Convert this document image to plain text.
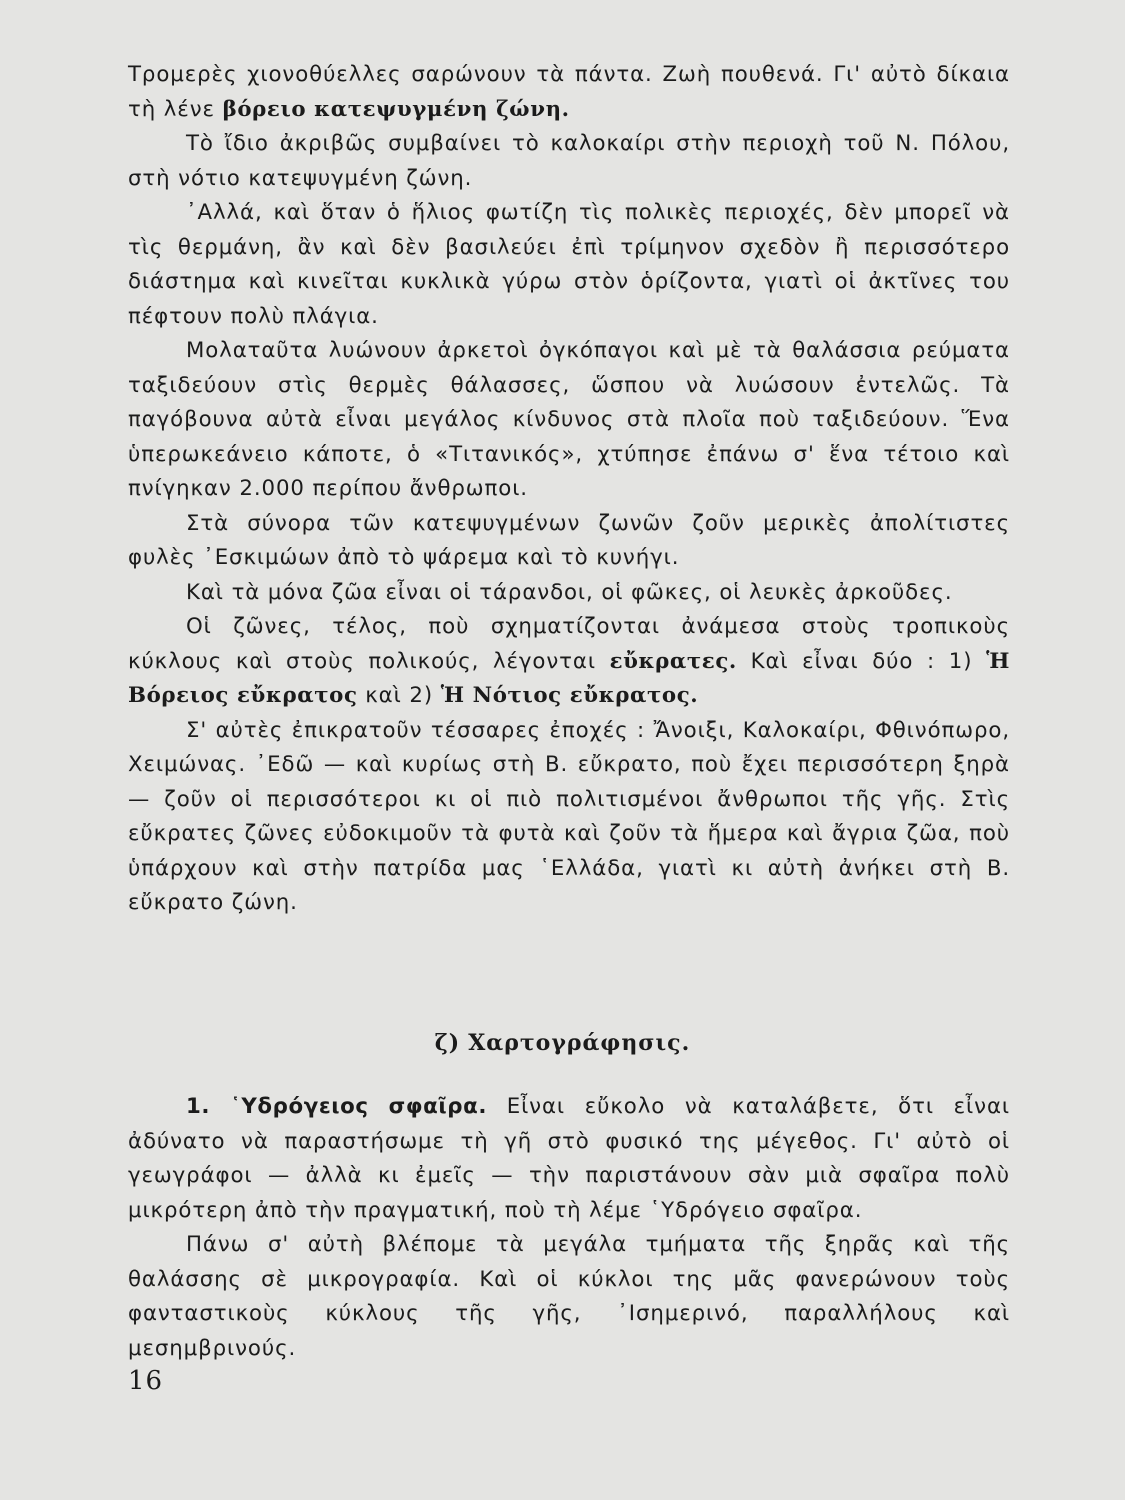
Τρομερὲς χιονοθύελλες σαρώνουν τὰ πάντα. Ζωὴ πουθενά. Γι' αὐτὸ δίκαια τὴ λένε βόρειο κατεψυγμένη ζώνη.

Τὸ ἴδιο ἀκριβῶς συμβαίνει τὸ καλοκαίρι στὴν περιοχὴ τοῦ Ν. Πόλου, στὴ νότιο κατεψυγμένη ζώνη.

᾿Αλλά, καὶ ὅταν ὁ ἥλιος φωτίζη τὶς πολικὲς περιοχές, δὲν μπορεῖ νὰ τὶς θερμάνη, ἂν καὶ δὲν βασιλεύει ἐπὶ τρίμηνον σχεδὸν ἢ περισσότερο διάστημα καὶ κινεῖται κυκλικὰ γύρω στὸν ὁρίζοντα, γιατὶ οἱ ἀκτῖνες του πέφτουν πολὺ πλάγια.

Μολαταῦτα λυώνουν ἀρκετοὶ ὀγκόπαγοι καὶ μὲ τὰ θαλάσσια ρεύματα ταξιδεύουν στὶς θερμὲς θάλασσες, ὥσπου νὰ λυώσουν ἐντελῶς. Τὰ παγόβουνα αὐτὰ εἶναι μεγάλος κίνδυνος στὰ πλοῖα ποὺ ταξιδεύουν. Ἕνα ὑπερωκεάνειο κάποτε, ὁ «Τιτανικός», χτύπησε ἐπάνω σ' ἕνα τέτοιο καὶ πνίγηκαν 2.000 περίπου ἄνθρωποι.

Στὰ σύνορα τῶν κατεψυγμένων ζωνῶν ζοῦν μερικὲς ἀπολίτιστες φυλὲς ᾿Εσκιμώων ἀπὸ τὸ ψάρεμα καὶ τὸ κυνήγι.

Καὶ τὰ μόνα ζῶα εἶναι οἱ τάρανδοι, οἱ φῶκες, οἱ λευκὲς ἀρκοῦδες.

Οἱ ζῶνες, τέλος, ποὺ σχηματίζονται ἀνάμεσα στοὺς τροπικοὺς κύκλους καὶ στοὺς πολικούς, λέγονται εὔκρατες. Καὶ εἶναι δύο : 1) Ἡ Βόρειος εὔκρατος καὶ 2) Ἡ Νότιος εὔκρατος.

Σ' αὐτὲς ἐπικρατοῦν τέσσαρες ἐποχές : Ἄνοιξι, Καλοκαίρι, Φθινόπωρο, Χειμώνας. ᾿Εδῶ — καὶ κυρίως στὴ Β. εὔκρατο, ποὺ ἔχει περισσότερη ξηρὰ — ζοῦν οἱ περισσότεροι κι οἱ πιὸ πολιτισμένοι ἄνθρωποι τῆς γῆς. Στὶς εὔκρατες ζῶνες εὐδοκιμοῦν τὰ φυτὰ καὶ ζοῦν τὰ ἥμερα καὶ ἄγρια ζῶα, ποὺ ὑπάρχουν καὶ στὴν πατρίδα μας ῾Ελλάδα, γιατὶ κι αὐτὴ ἀνήκει στὴ Β. εὔκρατο ζώνη.

ζ) Χαρτογράφησις.

1. ῾Υδρόγειος σφαῖρα. Εἶναι εὔκολο νὰ καταλάβετε, ὅτι εἶναι ἀδύνατο νὰ παραστήσωμε τὴ γῆ στὸ φυσικό της μέγεθος. Γι' αὐτὸ οἱ γεωγράφοι — ἀλλὰ κι ἐμεῖς — τὴν παριστάνουν σὰν μιὰ σφαῖρα πολὺ μικρότερη ἀπὸ τὴν πραγματική, ποὺ τὴ λέμε ῾Υδρόγειο σφαῖρα.

Πάνω σ' αὐτὴ βλέπομε τὰ μεγάλα τμήματα τῆς ξηρᾶς καὶ τῆς θαλάσσης σὲ μικρογραφία. Καὶ οἱ κύκλοι της μᾶς φανερώνουν τοὺς φανταστικοὺς κύκλους τῆς γῆς, ᾿Ισημερινό, παραλλήλους καὶ μεσημβρινούς.

16
